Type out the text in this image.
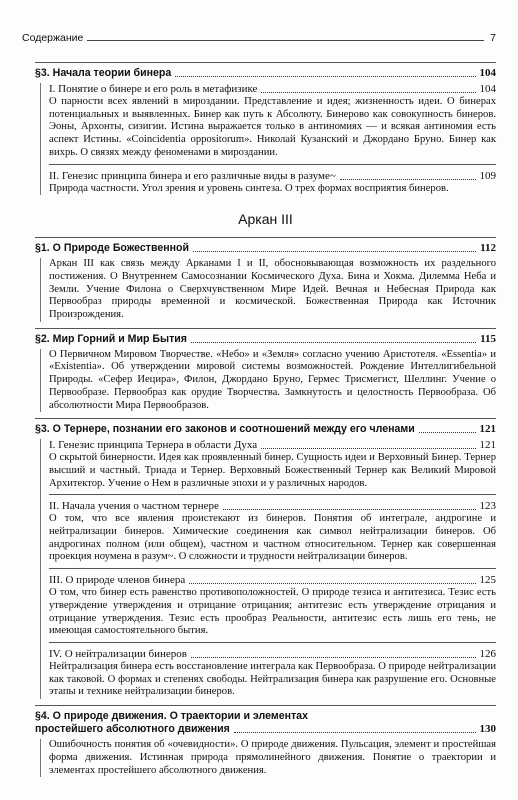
Содержание	7
§3. Начала теории бинера	104
I. Понятие о бинере и его роль в метафизике	104

О парности всех явлений в мироздании. Представление и идея; жизненность идеи. О бинерах потенциальных и выявленных. Бинер как путь к Абсолюту. Бинерово как совокупность бинеров. Эоны, Архонты, сизигии. Истина выражается только в антиномиях — и всякая антиномия есть аспект Истины. «Coincidentia oppositorum». Николай Кузанский и Джордано Бруно. Бинер как вихрь. О связях между феноменами в мироздании.

II. Генезис принципа бинера и его различные виды в разуме~	109

Природа частности. Угол зрения и уровень синтеза. О трех формах восприятия бинеров.

Аркан III
§1. О Природе Божественной	112

Аркан III как связь между Арканами I и II, обосновывающая возможность их раздельного постижения. О Внутреннем Самосознании Космического Духа. Бина и Хокма. Дилемма Неба и Земли. Учение Филона о Сверхчувственном Мире Идей. Вечная и Небесная Природа как Первообраз природы временной и космической. Божественная Природа как Источник Произрождения.

§2. Мир Горний и Мир Бытия	115

О Первичном Мировом Творчестве. «Небо» и «Земля» согласно учению Аристотеля. «Essentia» и «Existentia». Об утверждении мировой системы возможностей. Рождение Интеллигибельной Природы. «Сефер Иецира», Филон, Джордано Бруно, Гермес Трисмегист, Шеллинг. Учение о Первообразе. Первообраз как орудие Творчества. Замкнутость и целостность Первообраза. Об абсолютности Мира Первообразов.

§3. О Тернере, познании его законов и соотношений между его членами	121
I. Генезис принципа Тернера в области Духа	121

О скрытой бинерности. Идея как проявленный бинер. Сущность идеи и Верховный Бинер. Тернер высший и частный. Триада и Тернер. Верховный Божественный Тернер как Великий Мировой Архитектор. Учение о Нем в различные эпохи и у различных народов.

II. Начала учения о частном тернере	123

О том, что все явления проистекают из бинеров. Понятия об интеграле, андрогине и нейтрализации бинеров. Химические соединения как символ нейтрализации бинеров. Об андрогинах полном (или общем), частном и частном относительном. Тернер как совершенная проекция ноумена в разум~. О сложности и трудности нейтрализации бинеров.

III. О природе членов бинера	125

О том, что бинер есть равенство противоположностей. О природе тезиса и антитезиса. Тезис есть утверждение утверждения и отрицание отрицания; антитезис есть утверждение отрицания и отрицание утверждения. Тезис есть прообраз Реальности, антитезис есть лишь его тень, не имеющая самостоятельного бытия.

IV. О нейтрализации бинеров	126

Нейтрализация бинера есть восстановление интеграла как Первообраза. О природе нейтрализации как таковой. О формах и степенях свободы. Нейтрализация бинера как разрушение его. Основные этапы и технике нейтрализации бинеров.

§4. О природе движения. О траектории и элементах
простейшего абсолютного движения	130

Ошибочность понятия об «очевидности». О природе движения. Пульсация, элемент и простейшая форма движения. Истинная природа прямолинейного движения. Понятие о траектории и элементах простейшего абсолютного движения.
